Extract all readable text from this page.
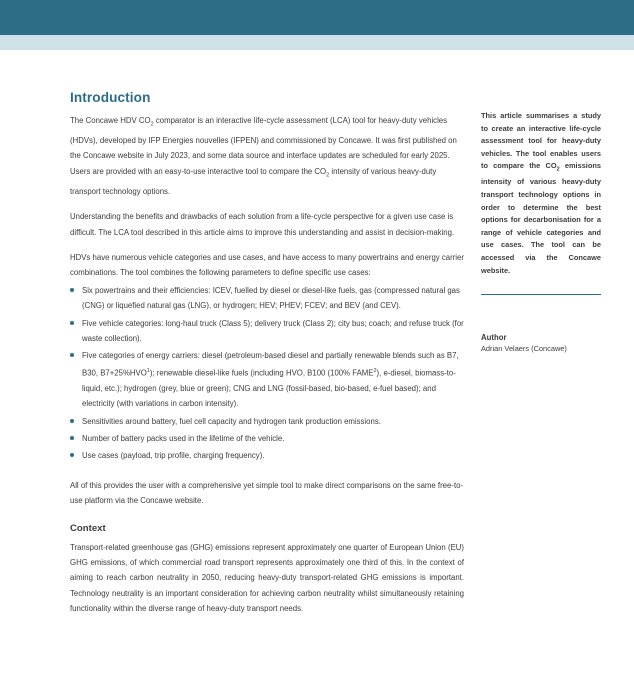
Introduction

The Concawe HDV $CO_2$ comparator is an interactive life-cycle assessment (LCA) tool for heavy-duty vehicles (HDVs), developed by IFP Energies nouvelles (IFPEN) and commissioned by Concawe. It was first published on the Concawe website in July 2023, and some data source and interface updates are scheduled for early 2025. Users are provided with an easy-to-use interactive tool to compare the $CO_2$ intensity of various heavy-duty transport technology options.

Understanding the benefits and drawbacks of each solution from a life-cycle perspective for a given use case is difficult. The LCA tool described in this article aims to improve this understanding and assist in decision-making.

HDVs have numerous vehicle categories and use cases, and have access to many powertrains and energy carrier combinations. The tool combines the following parameters to define specific use cases:

Six powertrains and their efficiencies: ICEV, fuelled by diesel or diesel-like fuels, gas (compressed natural gas (CNG) or liquefied natural gas (LNG), or hydrogen; HEV; PHEV; FCEV; and BEV (and CEV).
Five vehicle categories: long-haul truck (Class 5); delivery truck (Class 2); city bus; coach; and refuse truck (for waste collection).
Five categories of energy carriers: diesel (petroleum-based diesel and partially renewable blends such as B7, B30, $B7+25\%HVO^1$); renewable diesel-like fuels (including HVO, B100 (100% FAME$^2$), e-diesel, biomass-to-liquid, etc.); hydrogen (grey, blue or green); CNG and LNG (fossil-based, bio-based, e-fuel based); and electricity (with variations in carbon intensity).
Sensitivities around battery, fuel cell capacity and hydrogen tank production emissions.
Number of battery packs used in the lifetime of the vehicle.
Use cases (payload, trip profile, charging frequency).

All of this provides the user with a comprehensive yet simple tool to make direct comparisons on the same free-to-use platform via the Concawe website.

Context

Transport-related greenhouse gas (GHG) emissions represent approximately one quarter of European Union (EU) GHG emissions, of which commercial road transport represents approximately one third of this. In the context of aiming to reach carbon neutrality in 2050, reducing heavy-duty transport-related GHG emissions is important. Technology neutrality is an important consideration for achieving carbon neutrality whilst simultaneously retaining functionality within the diverse range of heavy-duty transport needs.

This article summarises a study to create an interactive life-cycle assessment tool for heavy-duty vehicles. The tool enables users to compare the $CO_2$ emissions intensity of various heavy-duty transport technology options in order to determine the best options for decarbonisation for a range of vehicle categories and use cases. The tool can be accessed via the Concawe website.

Author
Adrian Velaers (Concawe)
